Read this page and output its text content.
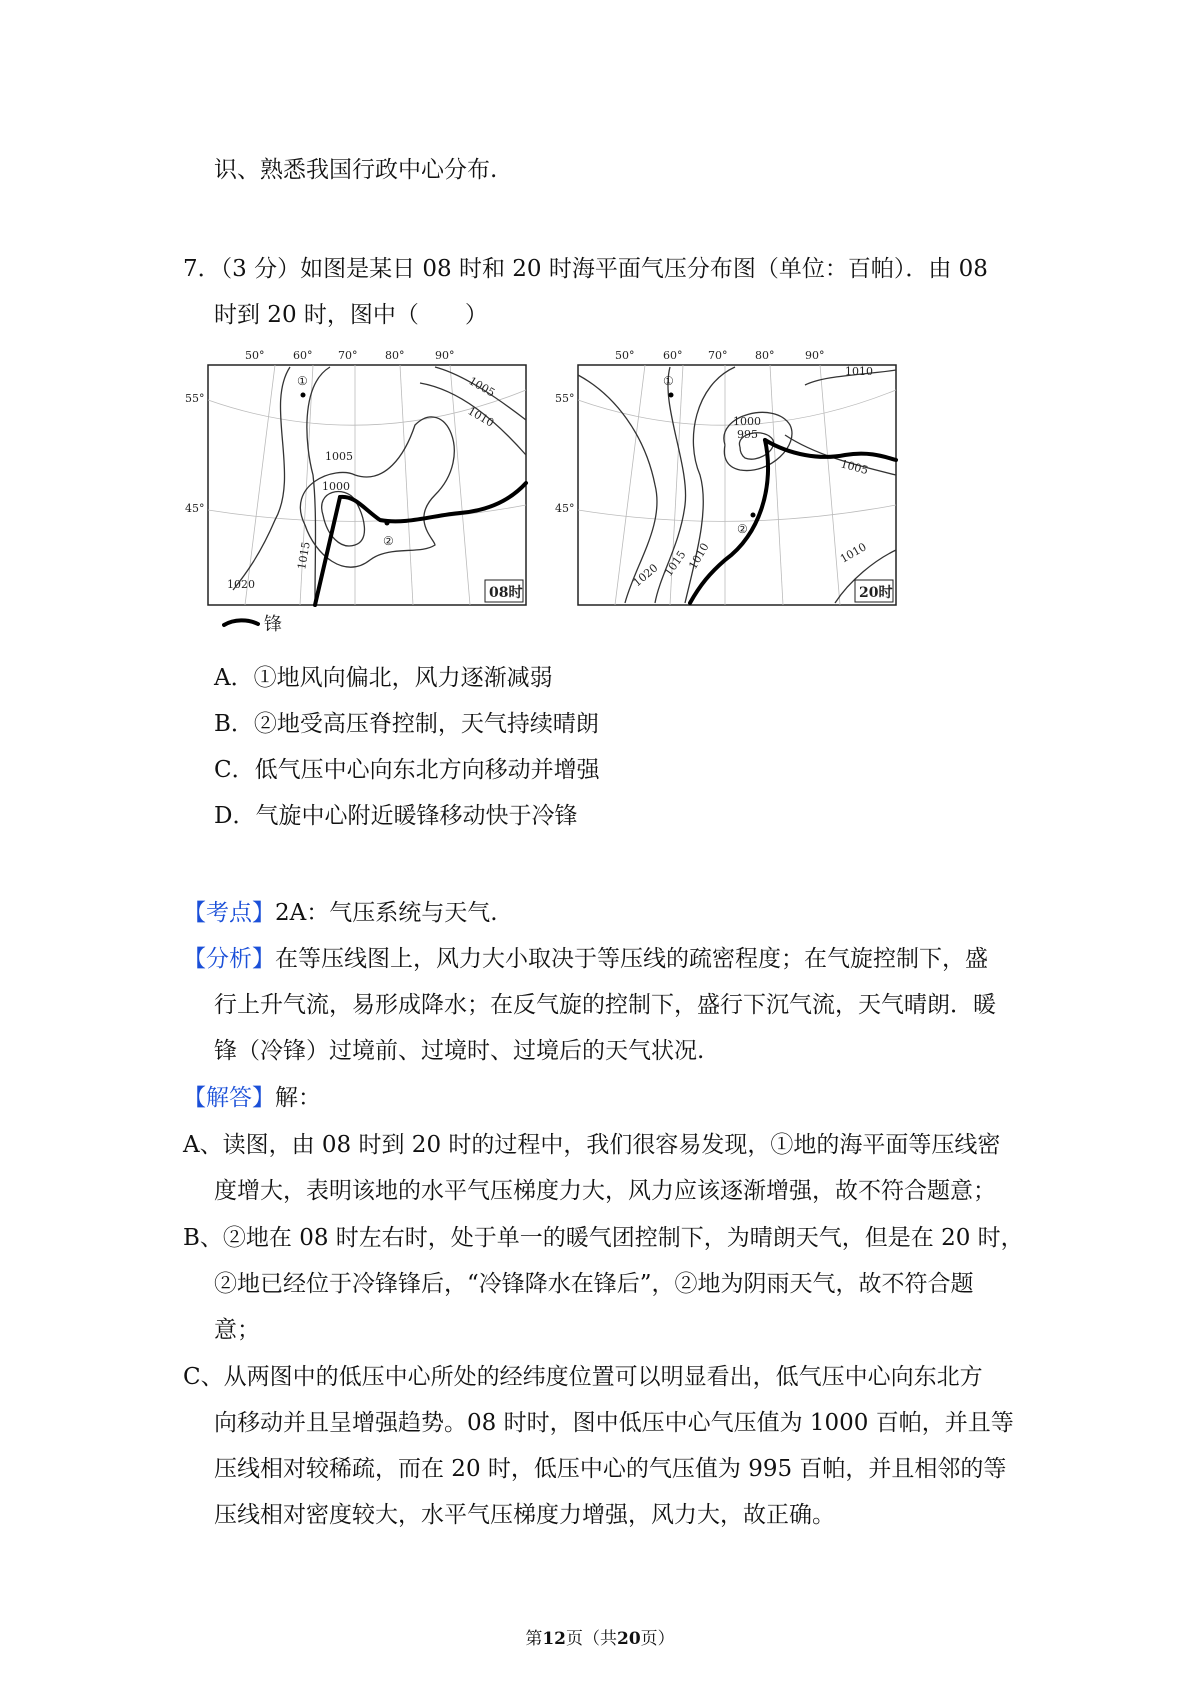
识、熟悉我国行政中心分布.
7．（3 分）如图是某日 08 时和 20 时海平面气压分布图（单位：百帕）．由 08
时到 20 时，图中（　　）
①
②
1005
1010
1005
1000
1015
1020
50°	60° 70°	80°	90°
55°
45°
08时
①
②
1010
1000
995
1005
1010
1015
1020
1010
50°	60° 70°	80°	90°
55°
45°
20时
锋
A．①地风向偏北，风力逐渐减弱
B．②地受高压脊控制，天气持续晴朗
C．低气压中心向东北方向移动并增强
D．气旋中心附近暖锋移动快于冷锋
【考点】2A：气压系统与天气.
【分析】在等压线图上，风力大小取决于等压线的疏密程度；在气旋控制下，盛
行上升气流，易形成降水；在反气旋的控制下，盛行下沉气流，天气晴朗．暖
锋（冷锋）过境前、过境时、过境后的天气状况.
【解答】解：
A、读图，由 08 时到 20 时的过程中，我们很容易发现，①地的海平面等压线密
度增大，表明该地的水平气压梯度力大，风力应该逐渐增强，故不符合题意；
B、②地在 08 时左右时，处于单一的暖气团控制下，为晴朗天气，但是在 20 时，
②地已经位于冷锋锋后，“冷锋降水在锋后”，②地为阴雨天气，故不符合题
意；
C、从两图中的低压中心所处的经纬度位置可以明显看出，低气压中心向东北方
向移动并且呈增强趋势。08 时时，图中低压中心气压值为 1000 百帕，并且等
压线相对较稀疏，而在 20 时，低压中心的气压值为 995 百帕，并且相邻的等
压线相对密度较大，水平气压梯度力增强，风力大，故正确。
第12页（共20页）
